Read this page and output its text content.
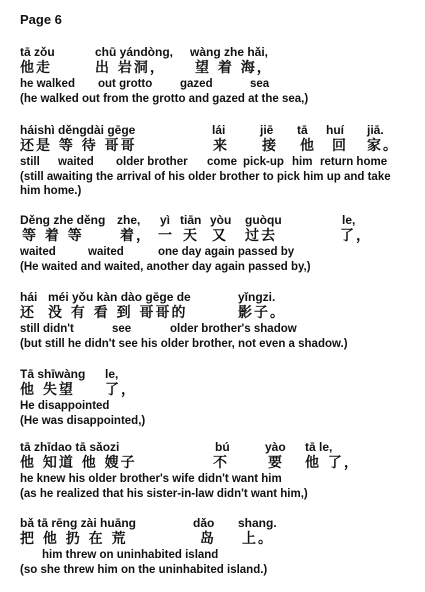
Page 6
tā zǒu	chū yándòng, wàng zhe hǎi,
他走	出 岩洞， 望 着 海，
he walked out grotto gazed	sea
(he walked out from the grotto and gazed at the sea,)
háishì děngdài gēge	lái	jiē tā huí jiā.
还是 等 待 哥哥	来 接 他 回 家。
still waited older brother come pick-up him return home
(still awaiting the arrival of his older brother to pick him up and take
him home.)
Děng zhe děng zhe, yì tiān yòu guòqu	le,
等 着 等	着， 一 天 又 过去	了，
waited	waited	one day again passed by
(He waited and waited, another day again passed by,)
hái méi yǒu kàn dào gēge de	yǐngzi.
还 没 有 看 到 哥哥的	影子。
still didn't	see	older brother's shadow
(but still he didn't see his older brother, not even a shadow.)
Tā shīwàng le,
他 失望 了，
He disappointed
(He was disappointed,)
tā zhīdao tā sǎozi	bú	yào tā le,
他 知道 他 嫂子	不	要 他 了，
he knew his older brother's wife didn't want him
(as he realized that his sister-in-law didn't want him,)
bǎ tā rēng zài huāng	dǎo shang.
把 他 扔 在 荒	岛 上。
him threw on uninhabited island
(so she threw him on the uninhabited island.)
